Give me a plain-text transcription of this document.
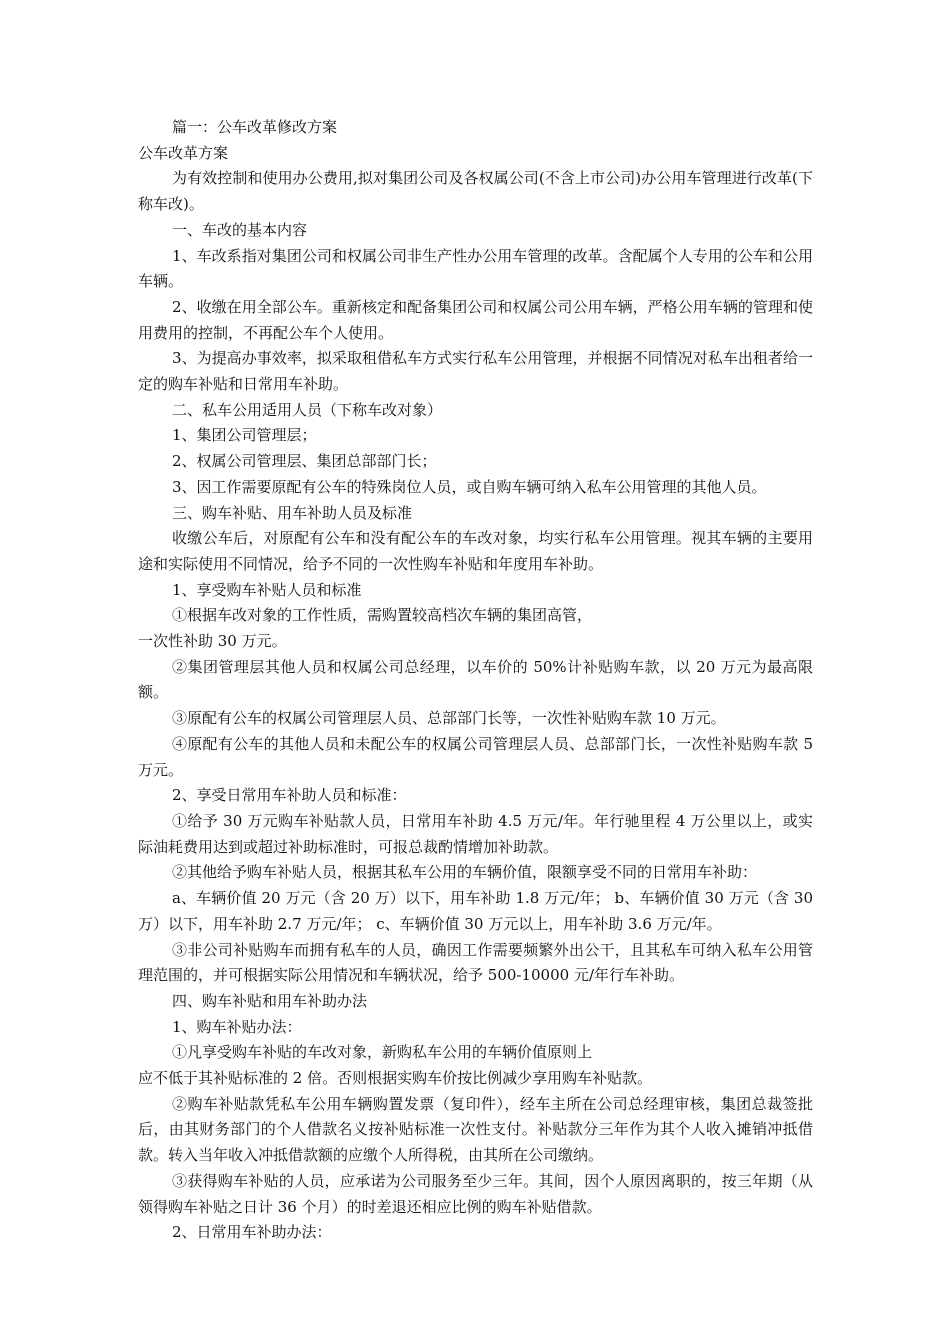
篇一：公车改革修改方案

公车改革方案

为有效控制和使用办公费用,拟对集团公司及各权属公司(不含上市公司)办公用车管理进行改革(下称车改)。

一、车改的基本内容

1、车改系指对集团公司和权属公司非生产性办公用车管理的改革。含配属个人专用的公车和公用车辆。

2、收缴在用全部公车。重新核定和配备集团公司和权属公司公用车辆，严格公用车辆的管理和使用费用的控制，不再配公车个人使用。

3、为提高办事效率，拟采取租借私车方式实行私车公用管理，并根据不同情况对私车出租者给一定的购车补贴和日常用车补助。

二、私车公用适用人员（下称车改对象）

1、集团公司管理层；

2、权属公司管理层、集团总部部门长；

3、因工作需要原配有公车的特殊岗位人员，或自购车辆可纳入私车公用管理的其他人员。

三、购车补贴、用车补助人员及标准

收缴公车后，对原配有公车和没有配公车的车改对象，均实行私车公用管理。视其车辆的主要用途和实际使用不同情况，给予不同的一次性购车补贴和年度用车补助。

1、享受购车补贴人员和标准

①根据车改对象的工作性质，需购置较高档次车辆的集团高管，

一次性补助 30 万元。

②集团管理层其他人员和权属公司总经理，以车价的 50%计补贴购车款，以 20 万元为最高限额。

③原配有公车的权属公司管理层人员、总部部门长等，一次性补贴购车款 10 万元。

④原配有公车的其他人员和未配公车的权属公司管理层人员、总部部门长，一次性补贴购车款 5 万元。

2、享受日常用车补助人员和标准：

①给予 30 万元购车补贴款人员，日常用车补助 4.5 万元/年。年行驰里程 4 万公里以上，或实际油耗费用达到或超过补助标准时，可报总裁酌情增加补助款。

②其他给予购车补贴人员，根据其私车公用的车辆价值，限额享受不同的日常用车补助：

a、车辆价值 20 万元（含 20 万）以下，用车补助 1.8 万元/年； b、车辆价值 30 万元（含 30 万）以下，用车补助 2.7 万元/年； c、车辆价值 30 万元以上，用车补助 3.6 万元/年。

③非公司补贴购车而拥有私车的人员，确因工作需要频繁外出公干，且其私车可纳入私车公用管理范围的，并可根据实际公用情况和车辆状况，给予 500-10000 元/年行车补助。

四、购车补贴和用车补助办法

1、购车补贴办法：

①凡享受购车补贴的车改对象，新购私车公用的车辆价值原则上

应不低于其补贴标准的 2 倍。否则根据实购车价按比例减少享用购车补贴款。

②购车补贴款凭私车公用车辆购置发票（复印件），经车主所在公司总经理审核，集团总裁签批后，由其财务部门的个人借款名义按补贴标准一次性支付。补贴款分三年作为其个人收入摊销冲抵借款。转入当年收入冲抵借款额的应缴个人所得税，由其所在公司缴纳。

③获得购车补贴的人员，应承诺为公司服务至少三年。其间，因个人原因离职的，按三年期（从领得购车补贴之日计 36 个月）的时差退还相应比例的购车补贴借款。

2、日常用车补助办法：
